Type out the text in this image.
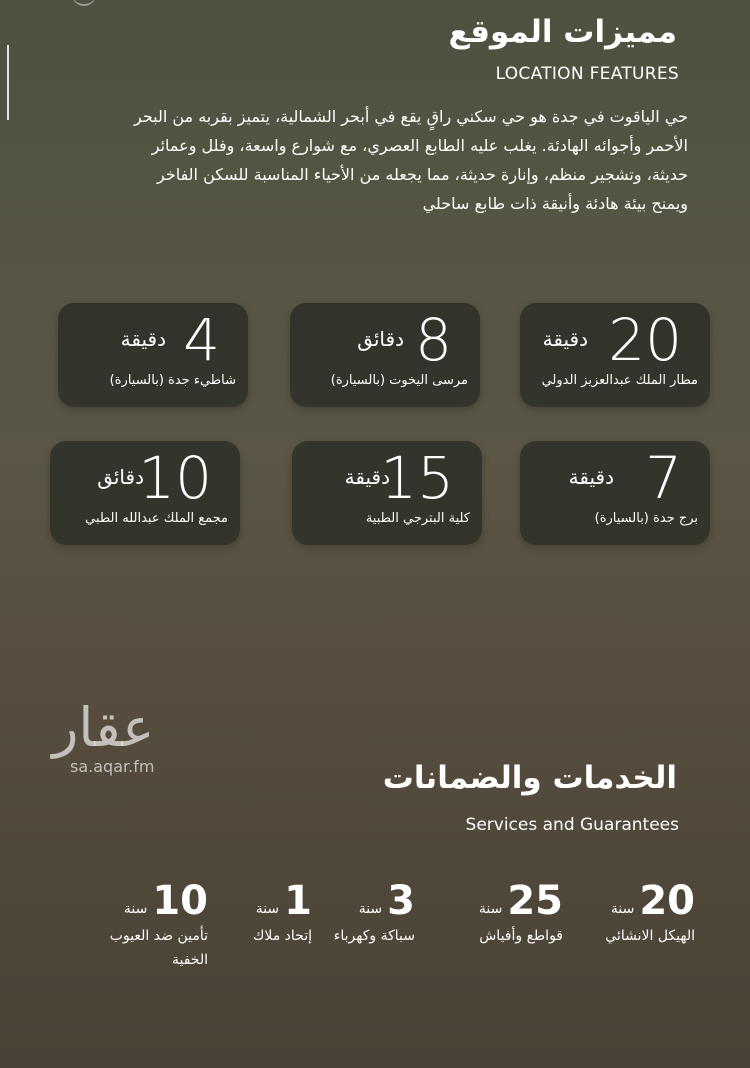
مميزات الموقع
LOCATION FEATURES

حي الياقوت في جدة هو حي سكني راقٍ يقع في أبحر الشمالية، يتميز بقربه من البحر الأحمر وأجوائه الهادئة. يغلب عليه الطابع العصري، مع شوارع واسعة، وفلل وعمائر حديثة، وتشجير منظم، وإنارة حديثة، مما يجعله من الأحياء المناسبة للسكن الفاخر ويمنح بيئة هادئة وأنيقة ذات طابع ساحلي

20
دقيقة
مطار الملك عبدالعزيز الدولي
8
دقائق
مرسى اليخوت (بالسيارة)
4
دقيقة
شاطيء جدة (بالسيارة)
7
دقيقة
برج جدة (بالسيارة)
15
دقيقة
كلية البترجي الطبية
10
دقائق
مجمع الملك عبدالله الطبي
عقار
sa.aqar.fm	الخدمات والضمانات
Services and Guarantees
20
سنة
الهيكل الانشائي
25
سنة
قواطع وأفياش
3
سنة
سباكة وكهرباء
1
سنة
إتحاد ملاك
10
سنة
تأمين ضد العيوب الخفية
